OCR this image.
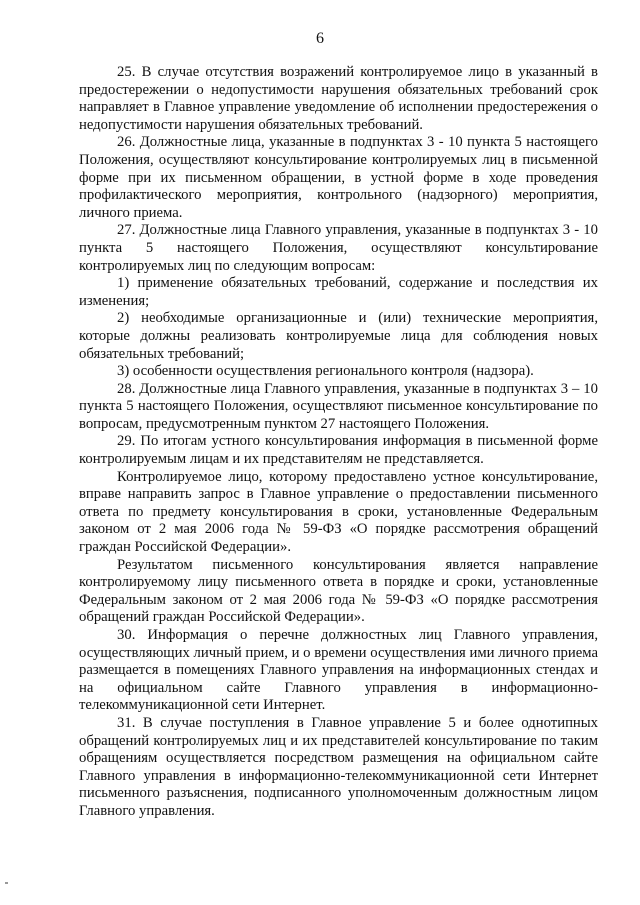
6

25. В случае отсутствия возражений контролируемое лицо в указанный в предостережении о недопустимости нарушения обязательных требований срок направляет в Главное управление уведомление об исполнении предостережения о недопустимости нарушения обязательных требований.

26. Должностные лица, указанные в подпунктах 3 - 10 пункта 5 настоящего Положения, осуществляют консультирование контролируемых лиц в письменной форме при их письменном обращении, в устной форме в ходе проведения профилактического мероприятия, контрольного (надзорного) мероприятия, личного приема.

27. Должностные лица Главного управления, указанные в подпунктах 3 - 10 пункта 5 настоящего Положения, осуществляют консультирование контролируемых лиц по следующим вопросам:

1) применение обязательных требований, содержание и последствия их изменения;

2) необходимые организационные и (или) технические мероприятия, которые должны реализовать контролируемые лица для соблюдения новых обязательных требований;

3) особенности осуществления регионального контроля (надзора).

28. Должностные лица Главного управления, указанные в подпунктах 3 – 10 пункта 5 настоящего Положения, осуществляют письменное консультирование по вопросам, предусмотренным пунктом 27 настоящего Положения.

29. По итогам устного консультирования информация в письменной форме контролируемым лицам и их представителям не представляется.

Контролируемое лицо, которому предоставлено устное консультирование, вправе направить запрос в Главное управление о предоставлении письменного ответа по предмету консультирования в сроки, установленные Федеральным законом от 2 мая 2006 года № 59-ФЗ «О порядке рассмотрения обращений граждан Российской Федерации».

Результатом письменного консультирования является направление контролируемому лицу письменного ответа в порядке и сроки, установленные Федеральным законом от 2 мая 2006 года № 59-ФЗ «О порядке рассмотрения обращений граждан Российской Федерации».

30. Информация о перечне должностных лиц Главного управления, осуществляющих личный прием, и о времени осуществления ими личного приема размещается в помещениях Главного управления на информационных стендах и на официальном сайте Главного управления в информационно-телекоммуникационной сети Интернет.

31. В случае поступления в Главное управление 5 и более однотипных обращений контролируемых лиц и их представителей консультирование по таким обращениям осуществляется посредством размещения на официальном сайте Главного управления в информационно-телекоммуникационной сети Интернет письменного разъяснения, подписанного уполномоченным должностным лицом Главного управления.
